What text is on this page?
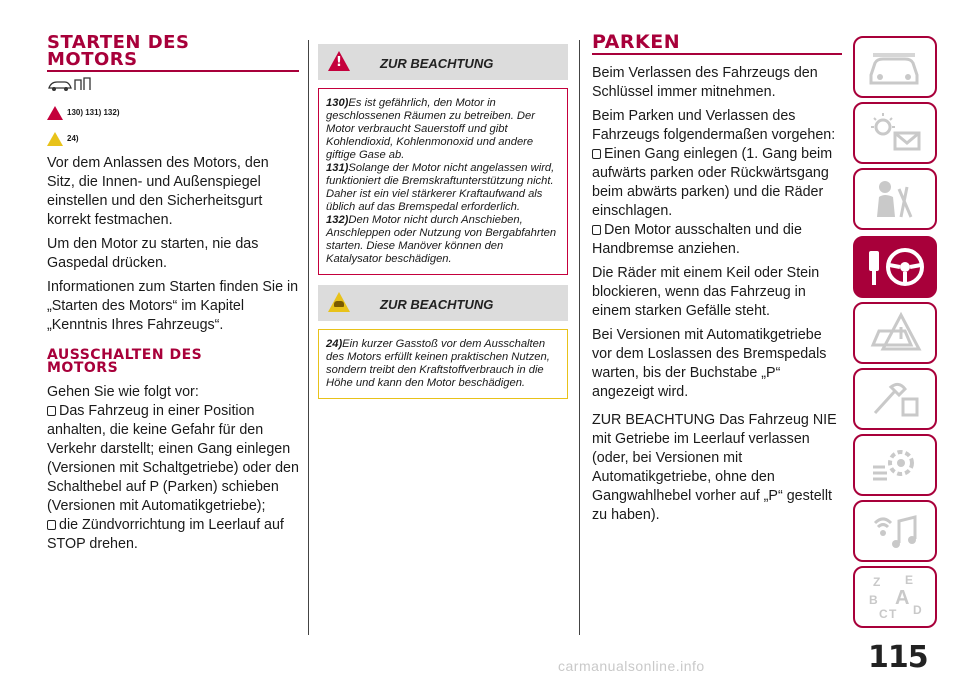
STARTEN DES
MOTORS
130) 131) 132)
24)

Vor dem Anlassen des Motors, den Sitz, die Innen- und Außenspiegel einstellen und den Sicherheitsgurt korrekt festmachen.

Um den Motor zu starten, nie das Gaspedal drücken.

Informationen zum Starten finden Sie in „Starten des Motors“ im Kapitel „Kenntnis Ihres Fahrzeugs“.

AUSSCHALTEN DES
MOTORS

Gehen Sie wie folgt vor:

Das Fahrzeug in einer Position anhalten, die keine Gefahr für den Verkehr darstellt; einen Gang einlegen (Versionen mit Schaltgetriebe) oder den Schalthebel auf P (Parken) schieben (Versionen mit Automatikgetriebe);

die Zündvorrichtung im Leerlauf auf STOP drehen.

!
ZUR BEACHTUNG
130)Es ist gefährlich, den Motor in geschlossenen Räumen zu betreiben. Der Motor verbraucht Sauerstoff und gibt Kohlendioxid, Kohlenmonoxid und andere giftige Gase ab.
131)Solange der Motor nicht angelassen wird, funktioniert die Bremskraftunterstützung nicht. Daher ist ein viel stärkerer Kraftaufwand als üblich auf das Bremspedal erforderlich.
132)Den Motor nicht durch Anschieben, Anschleppen oder Nutzung von Bergabfahrten starten. Diese Manöver können den Katalysator beschädigen.
ZUR BEACHTUNG
24)Ein kurzer Gasstoß vor dem Ausschalten des Motors erfüllt keinen praktischen Nutzen, sondern treibt den Kraftstoffverbrauch in die Höhe und kann den Motor beschädigen.
PARKEN

Beim Verlassen des Fahrzeugs den Schlüssel immer mitnehmen.

Beim Parken und Verlassen des Fahrzeugs folgendermaßen vorgehen:

Einen Gang einlegen (1. Gang beim aufwärts parken oder Rückwärtsgang beim abwärts parken) und die Räder einschlagen.

Den Motor ausschalten und die Handbremse anziehen.

Die Räder mit einem Keil oder Stein blockieren, wenn das Fahrzeug in einem starken Gefälle steht.

Bei Versionen mit Automatikgetriebe vor dem Loslassen des Bremspedals warten, bis der Buchstabe „P“ angezeigt wird.

ZUR BEACHTUNG Das Fahrzeug NIE mit Getriebe im Leerlauf verlassen (oder, bei Versionen mit Automatikgetriebe, ohne den Gangwahlhebel vorher auf „P“ gestellt zu haben).

Z E
B A
C T D
115
carmanualsonline.info
